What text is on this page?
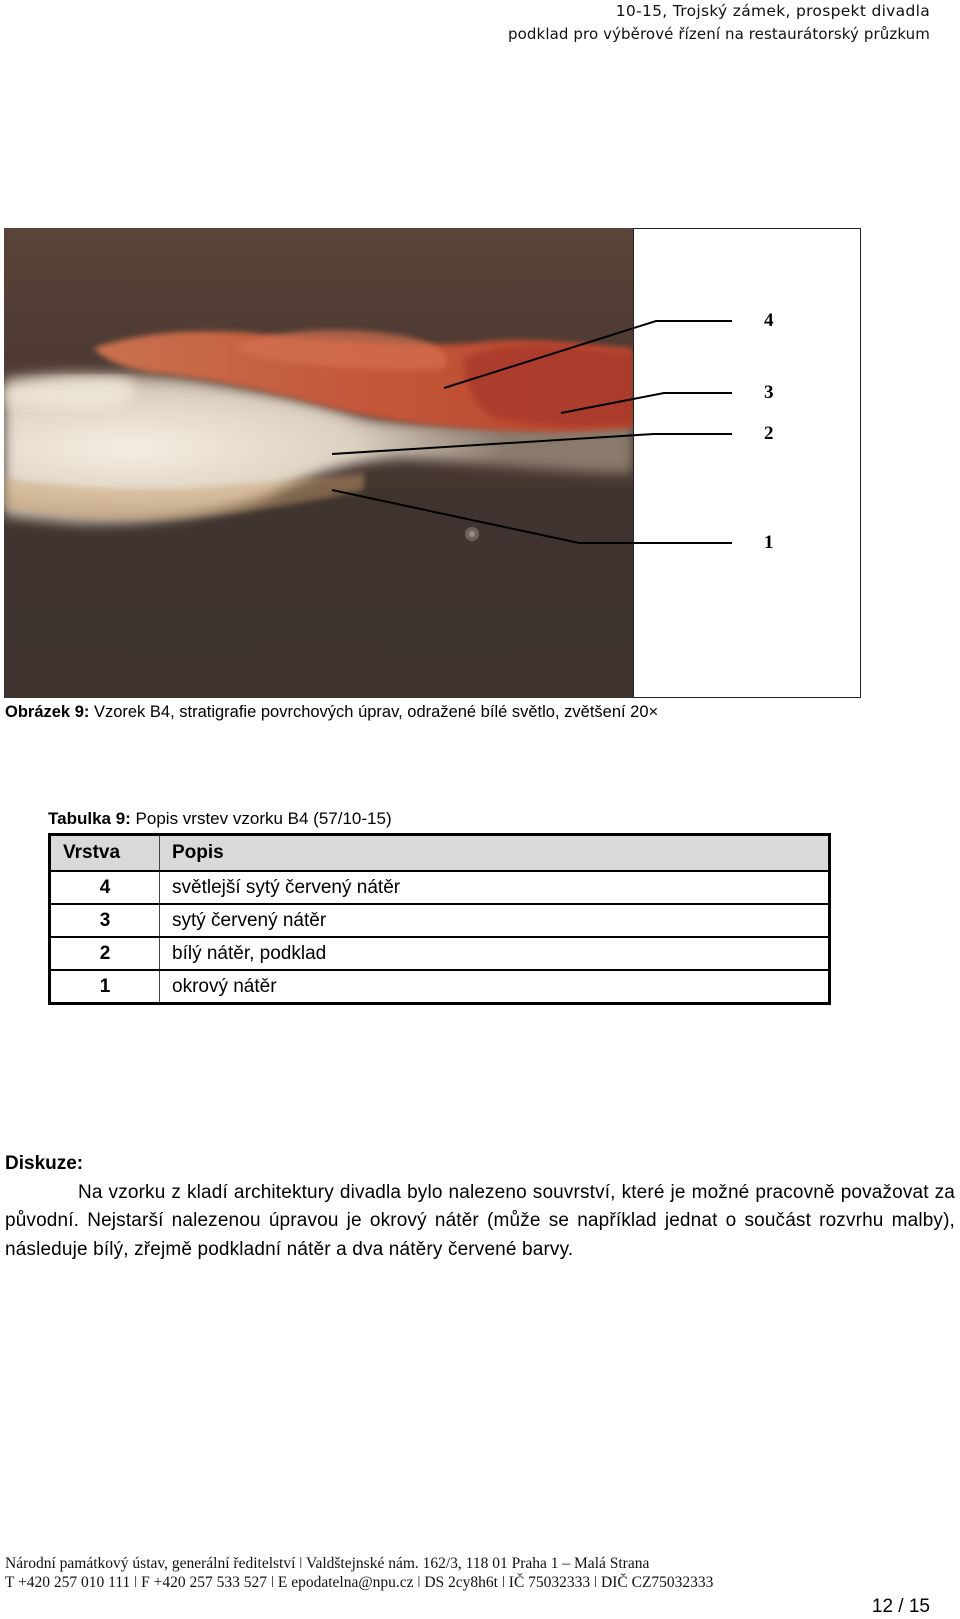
10-15, Trojský zámek, prospekt divadla
podklad pro výběrové řízení na restaurátorský průzkum
4
3
2
1
Obrázek 9: Vzorek B4, stratigrafie povrchových úprav, odražené bílé světlo, zvětšení 20×
Tabulka 9: Popis vrstev vzorku B4 (57/10-15)
Vrstva	Popis
4	světlejší sytý červený nátěr
3	sytý červený nátěr
2	bílý nátěr, podklad
1	okrový nátěr
Diskuze:
Na vzorku z kladí architektury divadla bylo nalezeno souvrství, které je možné pracovně považovat za původní. Nejstarší nalezenou úpravou je okrový nátěr (může se například jednat o součást rozvrhu malby), následuje bílý, zřejmě podkladní nátěr a dva nátěry červené barvy.
Národní památkový ústav, generální ředitelství ǀ Valdštejnské nám. 162/3, 118 01 Praha 1 – Malá Strana
T +420 257 010 111 ǀ F +420 257 533 527 ǀ E epodatelna@npu.cz ǀ DS 2cy8h6t ǀ IČ 75032333 ǀ DIČ CZ75032333
12 / 15
